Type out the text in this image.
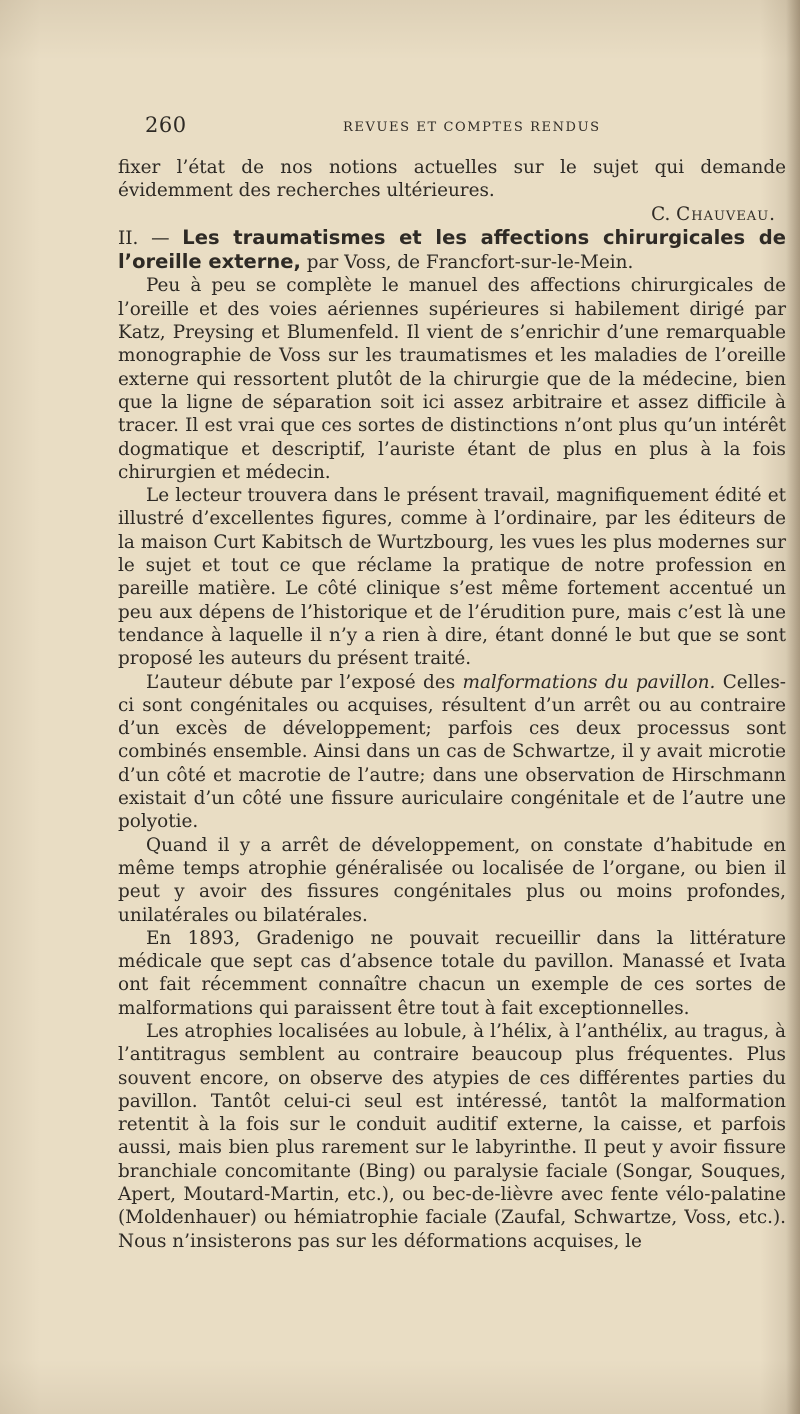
260	REVUES ET COMPTES RENDUS

fixer l’état de nos notions actuelles sur le sujet qui demande évidemment des recherches ultérieures.

C. Chauveau.

II. — Les traumatismes et les affections chirurgicales de l’oreille externe, par Voss, de Francfort-sur-le-Mein.

Peu à peu se complète le manuel des affections chirurgicales de l’oreille et des voies aériennes supérieures si habilement dirigé par Katz, Preysing et Blumenfeld. Il vient de s’enrichir d’une remarquable monographie de Voss sur les traumatismes et les maladies de l’oreille externe qui ressortent plutôt de la chirurgie que de la médecine, bien que la ligne de séparation soit ici assez arbitraire et assez difficile à tracer. Il est vrai que ces sortes de distinctions n’ont plus qu’un intérêt dogmatique et descriptif, l’auriste étant de plus en plus à la fois chirurgien et médecin.

Le lecteur trouvera dans le présent travail, magnifiquement édité et illustré d’excellentes figures, comme à l’ordinaire, par les éditeurs de la maison Curt Kabitsch de Wurtzbourg, les vues les plus modernes sur le sujet et tout ce que réclame la pratique de notre profession en pareille matière. Le côté clinique s’est même fortement accentué un peu aux dépens de l’historique et de l’érudition pure, mais c’est là une tendance à laquelle il n’y a rien à dire, étant donné le but que se sont proposé les auteurs du présent traité.

L’auteur débute par l’exposé des malformations du pavillon. Celles-ci sont congénitales ou acquises, résultent d’un arrêt ou au contraire d’un excès de développement; parfois ces deux processus sont combinés ensemble. Ainsi dans un cas de Schwartze, il y avait microtie d’un côté et macrotie de l’autre; dans une observation de Hirschmann existait d’un côté une fissure auriculaire congénitale et de l’autre une polyotie.

Quand il y a arrêt de développement, on constate d’habitude en même temps atrophie généralisée ou localisée de l’organe, ou bien il peut y avoir des fissures congénitales plus ou moins profondes, unilatérales ou bilatérales.

En 1893, Gradenigo ne pouvait recueillir dans la littérature médicale que sept cas d’absence totale du pavillon. Manassé et Ivata ont fait récemment connaître chacun un exemple de ces sortes de malformations qui paraissent être tout à fait exceptionnelles.

Les atrophies localisées au lobule, à l’hélix, à l’anthélix, au tragus, à l’antitragus semblent au contraire beaucoup plus fréquentes. Plus souvent encore, on observe des atypies de ces différentes parties du pavillon. Tantôt celui-ci seul est intéressé, tantôt la malformation retentit à la fois sur le conduit auditif externe, la caisse, et parfois aussi, mais bien plus rarement sur le labyrinthe. Il peut y avoir fissure branchiale concomitante (Bing) ou paralysie faciale (Songar, Souques, Apert, Moutard-Martin, etc.), ou bec-de-lièvre avec fente vélo-palatine (Moldenhauer) ou hémiatrophie faciale (Zaufal, Schwartze, Voss, etc.). Nous n’insisterons pas sur les déformations acquises, le
